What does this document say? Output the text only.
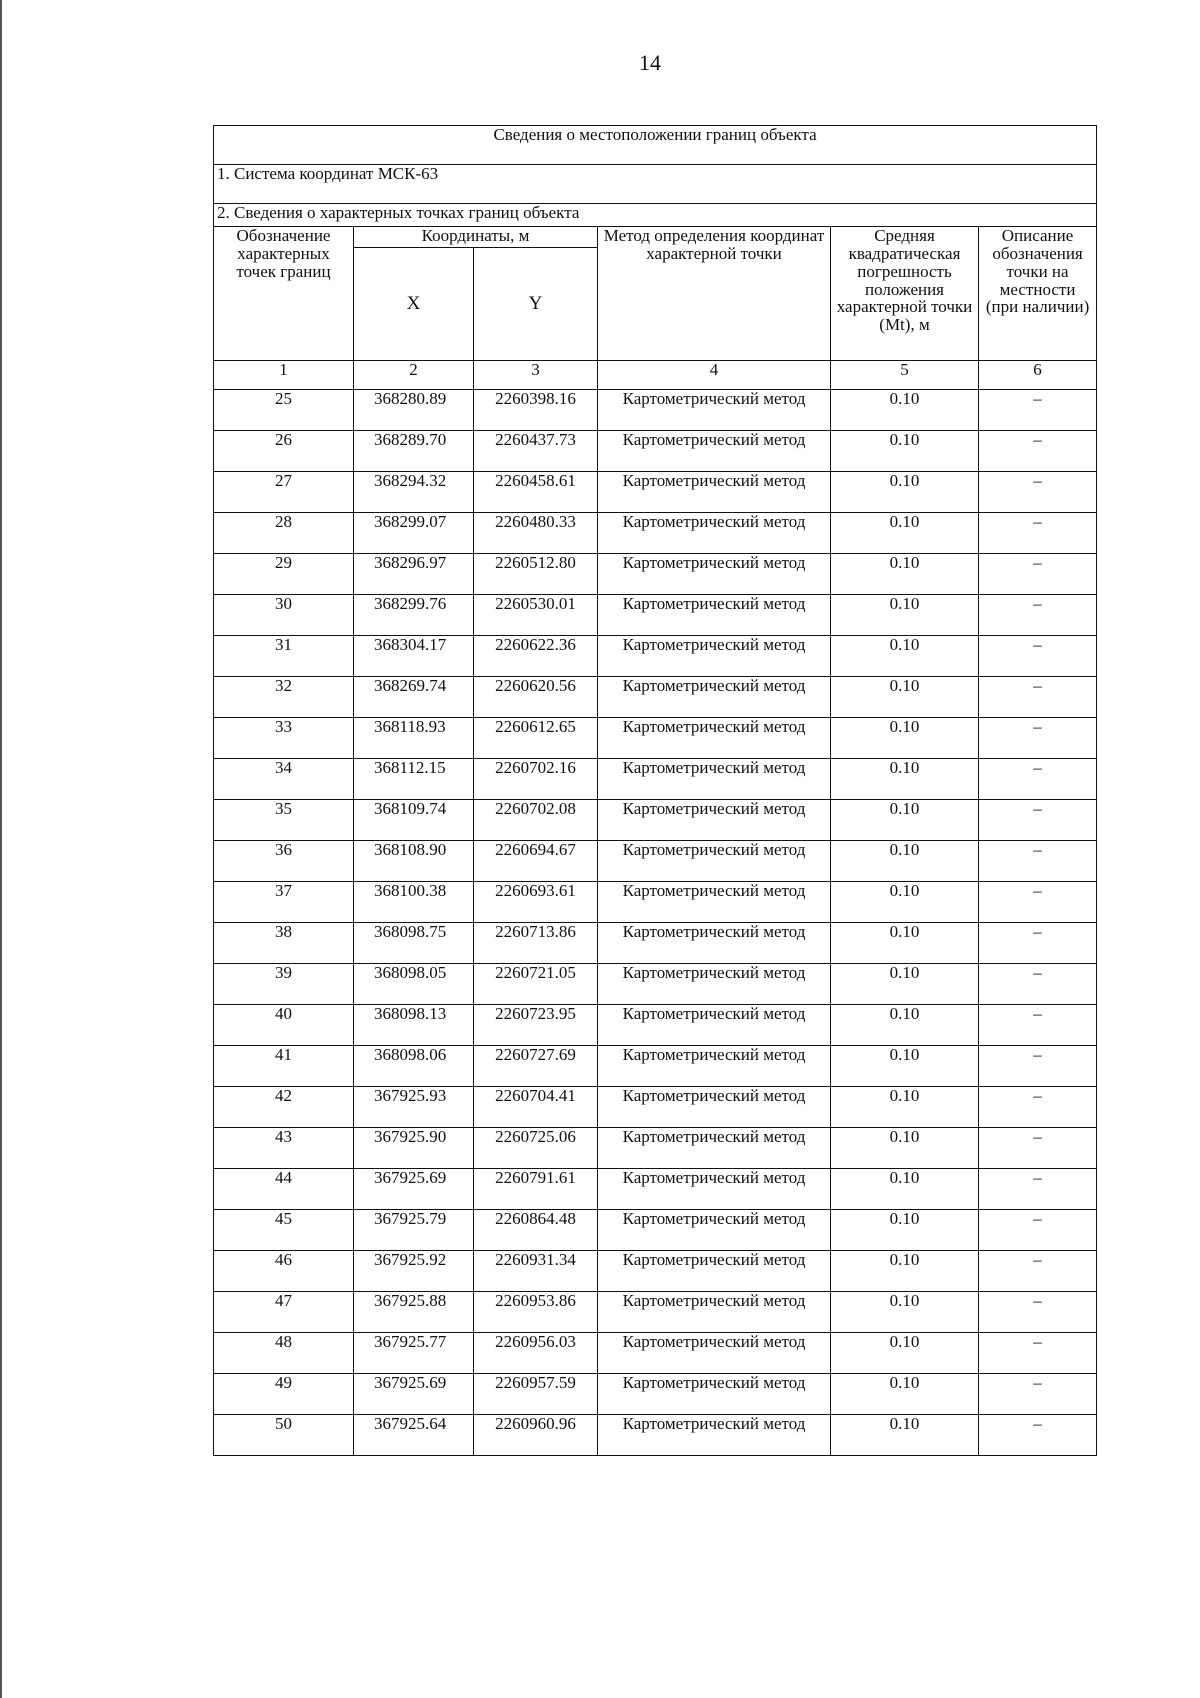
14
Сведения о местоположении границ объекта					
1. Система координат МСК-63					
2. Сведения о характерных точках границ объекта					
Обозначение характерных точек границ	Координаты, м		Метод определения координат характерной точки	Средняя квадратическая погрешность положения характерной точки (Mt), м	Описание обозначения точки на местности (при наличии)
	X	Y			
1	2	3	4	5	6
25	368280.89	2260398.16	Картометрический метод	0.10	–
26	368289.70	2260437.73	Картометрический метод	0.10	–
27	368294.32	2260458.61	Картометрический метод	0.10	–
28	368299.07	2260480.33	Картометрический метод	0.10	–
29	368296.97	2260512.80	Картометрический метод	0.10	–
30	368299.76	2260530.01	Картометрический метод	0.10	–
31	368304.17	2260622.36	Картометрический метод	0.10	–
32	368269.74	2260620.56	Картометрический метод	0.10	–
33	368118.93	2260612.65	Картометрический метод	0.10	–
34	368112.15	2260702.16	Картометрический метод	0.10	–
35	368109.74	2260702.08	Картометрический метод	0.10	–
36	368108.90	2260694.67	Картометрический метод	0.10	–
37	368100.38	2260693.61	Картометрический метод	0.10	–
38	368098.75	2260713.86	Картометрический метод	0.10	–
39	368098.05	2260721.05	Картометрический метод	0.10	–
40	368098.13	2260723.95	Картометрический метод	0.10	–
41	368098.06	2260727.69	Картометрический метод	0.10	–
42	367925.93	2260704.41	Картометрический метод	0.10	–
43	367925.90	2260725.06	Картометрический метод	0.10	–
44	367925.69	2260791.61	Картометрический метод	0.10	–
45	367925.79	2260864.48	Картометрический метод	0.10	–
46	367925.92	2260931.34	Картометрический метод	0.10	–
47	367925.88	2260953.86	Картометрический метод	0.10	–
48	367925.77	2260956.03	Картометрический метод	0.10	–
49	367925.69	2260957.59	Картометрический метод	0.10	–
50	367925.64	2260960.96	Картометрический метод	0.10	–
